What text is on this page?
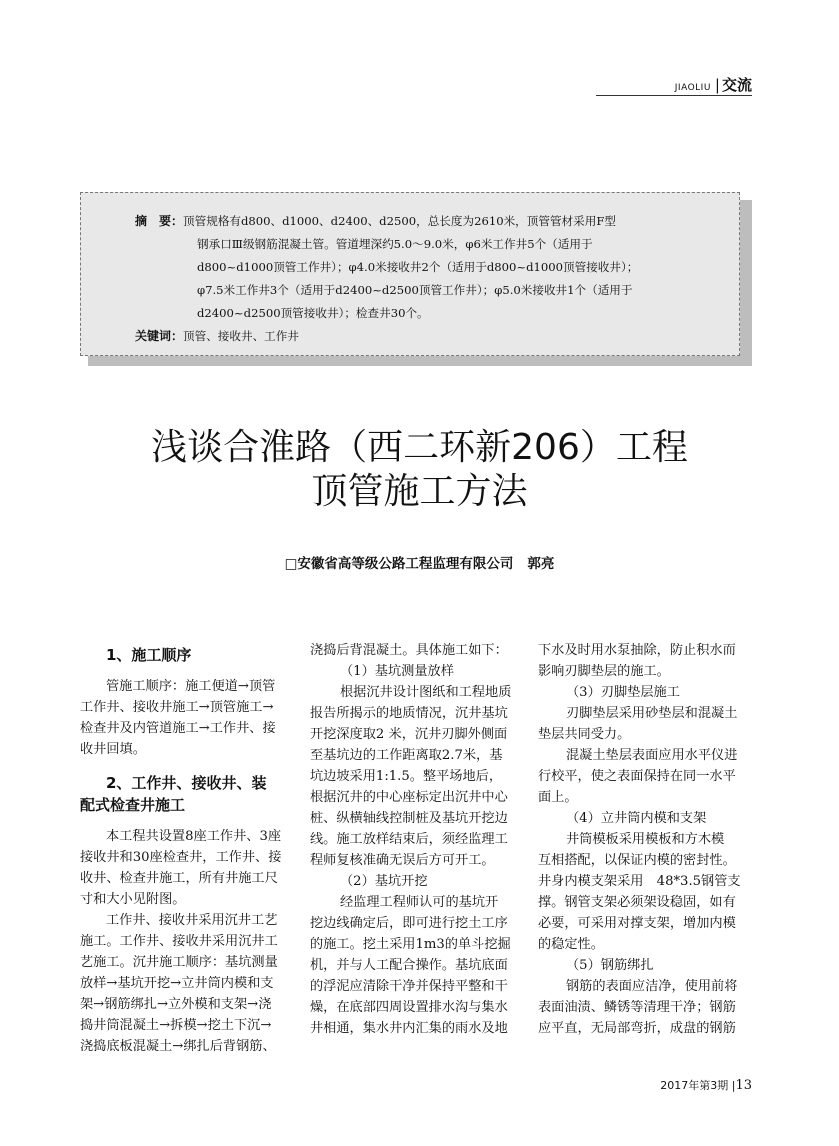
JIAOLIU | 交流
摘　要： 顶管规格有d800、d1000、d2400、d2500，总长度为2610米，顶管管材采用F型
钢承口Ⅲ级钢筋混凝土管。管道埋深约5.0～9.0米，φ6米工作井5个（适用于
d800~d1000顶管工作井）；φ4.0米接收井2个（适用于d800~d1000顶管接收井）；
φ7.5米工作井3个（适用于d2400~d2500顶管工作井）；φ5.0米接收井1个（适用于
d2400~d2500顶管接收井）；检查井30个。
关键词： 顶管、接收井、工作井
浅谈合淮路（西二环新206）工程
顶管施工方法
□安徽省高等级公路工程监理有限公司 郭亮
1、施工顺序
管施工顺序：施工便道→顶管
工作井、接收井施工→顶管施工→
检查井及内管道施工→工作井、接
收井回填。
2、工作井、接收井、装
配式检查井施工
本工程共设置8座工作井、3座
接收井和30座检查井，工作井、接
收井、检查井施工，所有井施工尺
寸和大小见附图。
工作井、接收井采用沉井工艺
施工。工作井、接收井采用沉井工
艺施工。沉井施工顺序：基坑测量
放样→基坑开挖→立井筒内模和支
架→钢筋绑扎→立外模和支架→浇
捣井筒混凝土→拆模→挖土下沉→
浇捣底板混凝土→绑扎后背钢筋、
浇捣后背混凝土。具体施工如下：
（1）基坑测量放样
根据沉井设计图纸和工程地质
报告所揭示的地质情况，沉井基坑
开挖深度取2 米，沉井刃脚外侧面
至基坑边的工作距离取2.7米，基
坑边坡采用1:1.5。整平场地后，
根据沉井的中心座标定出沉井中心
桩、纵横轴线控制桩及基坑开挖边
线。施工放样结束后，须经监理工
程师复核准确无误后方可开工。
（2）基坑开挖
经监理工程师认可的基坑开
挖边线确定后，即可进行挖土工序
的施工。挖土采用1m3的单斗挖掘
机，并与人工配合操作。基坑底面
的浮泥应清除干净并保持平整和干
燥，在底部四周设置排水沟与集水
井相通，集水井内汇集的雨水及地
下水及时用水泵抽除，防止积水而
影响刃脚垫层的施工。
（3）刃脚垫层施工
刃脚垫层采用砂垫层和混凝土
垫层共同受力。
混凝土垫层表面应用水平仪进
行校平，使之表面保持在同一水平
面上。
（4）立井筒内模和支架
井筒模板采用模板和方木模
互相搭配，以保证内模的密封性。
井身内模支架采用　48*3.5钢管支
撑。钢管支架必须架设稳固，如有
必要，可采用对撑支架，增加内模
的稳定性。
（5）钢筋绑扎
钢筋的表面应洁净，使用前将
表面油渍、鳞锈等清理干净；钢筋
应平直，无局部弯折，成盘的钢筋
2017年第3期 |13
